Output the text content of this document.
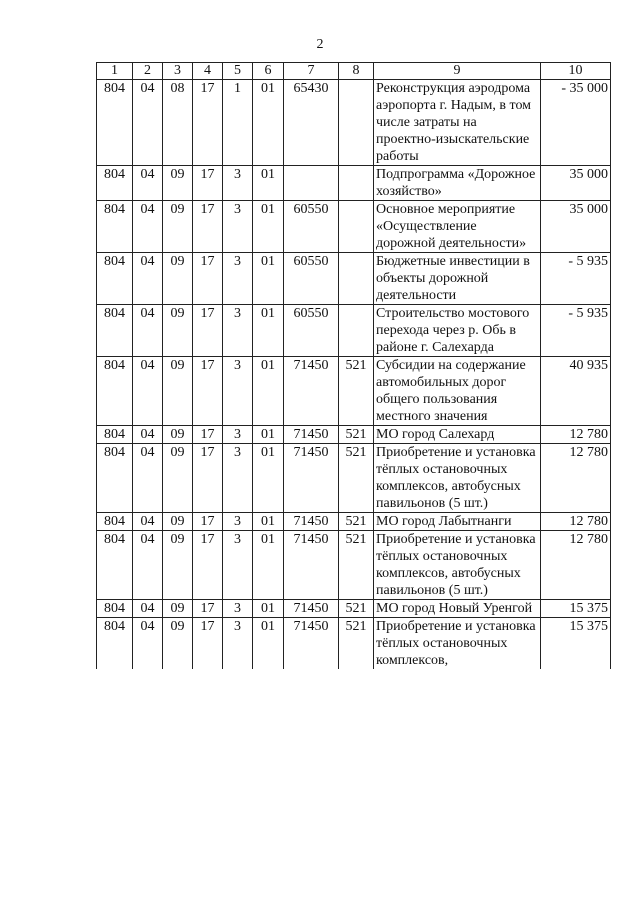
2
1	2	3	4	5	6	7	8	9	10
804	04	08	17	1	01	65430		Реконструкция аэродрома аэропорта г. Надым, в том числе затраты на проектно-изыскательские работы	- 35 000
804	04	09	17	3	01			Подпрограмма «Дорожное хозяйство»	35 000
804	04	09	17	3	01	60550		Основное мероприятие «Осуществление дорожной деятельности»	35 000
804	04	09	17	3	01	60550		Бюджетные инвестиции в объекты дорожной деятельности	- 5 935
804	04	09	17	3	01	60550		Строительство мостового перехода через р. Обь в районе г. Салехарда	- 5 935
804	04	09	17	3	01	71450	521	Субсидии на содержание автомобильных дорог общего пользования местного значения	40 935
804	04	09	17	3	01	71450	521	МО город Салехард	12 780
804	04	09	17	3	01	71450	521	Приобретение и установка тёплых остановочных комплексов, автобусных павильонов (5 шт.)	12 780
804	04	09	17	3	01	71450	521	МО город Лабытнанги	12 780
804	04	09	17	3	01	71450	521	Приобретение и установка тёплых остановочных комплексов, автобусных павильонов (5 шт.)	12 780
804	04	09	17	3	01	71450	521	МО город Новый Уренгой	15 375
804	04	09	17	3	01	71450	521	Приобретение и установка тёплых остановочных комплексов,	15 375
